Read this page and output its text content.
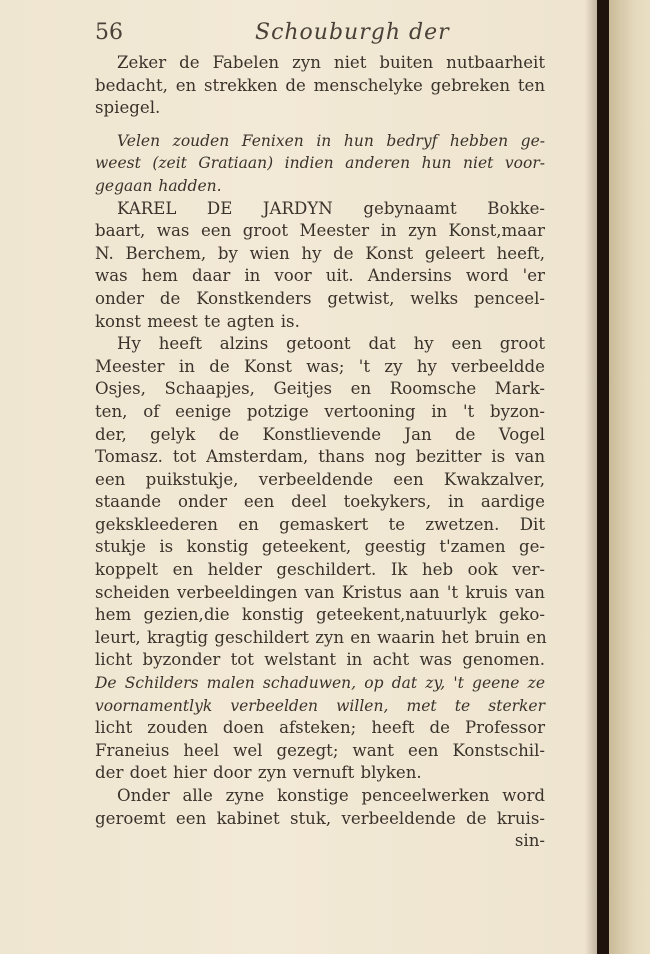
56	Schouburgh der
Zeker de Fabelen zyn niet buiten nutbaarheit
bedacht, en strekken de menschelyke gebreken ten
spiegel.
Velen zouden Fenixen in hun bedryf hebben ge-
weest (zeit Gratiaan) indien anderen hun niet voor-
gegaan hadden.
KAREL DE JARDYN gebynaamt Bokke-
baart, was een groot Meester in zyn Konst,maar
N. Berchem, by wien hy de Konst geleert heeft,
was hem daar in voor uit. Andersins word 'er
onder de Konstkenders getwist, welks penceel-
konst meest te agten is.
Hy heeft alzins getoont dat hy een groot
Meester in de Konst was; 't zy hy verbeeldde
Osjes, Schaapjes, Geitjes en Roomsche Mark-
ten, of eenige potzige vertooning in 't byzon-
der, gelyk de Konstlievende Jan de Vogel
Tomasz. tot Amsterdam, thans nog bezitter is van
een puikstukje, verbeeldende een Kwakzalver,
staande onder een deel toekykers, in aardige
gekskleederen en gemaskert te zwetzen. Dit
stukje is konstig geteekent, geestig t'zamen ge-
koppelt en helder geschildert. Ik heb ook ver-
scheiden verbeeldingen van Kristus aan 't kruis van
hem gezien,die konstig geteekent,natuurlyk geko-
leurt, kragtig geschildert zyn en waarin het bruin en
licht byzonder tot welstant in acht was genomen.
De Schilders malen schaduwen, op dat zy, 't geene ze
voornamentlyk verbeelden willen, met te sterker
licht zouden doen afsteken; heeft de Professor
Franeius heel wel gezegt; want een Konstschil-
der doet hier door zyn vernuft blyken.
Onder alle zyne konstige penceelwerken word
geroemt een kabinet stuk, verbeeldende de kruis-
sin-
